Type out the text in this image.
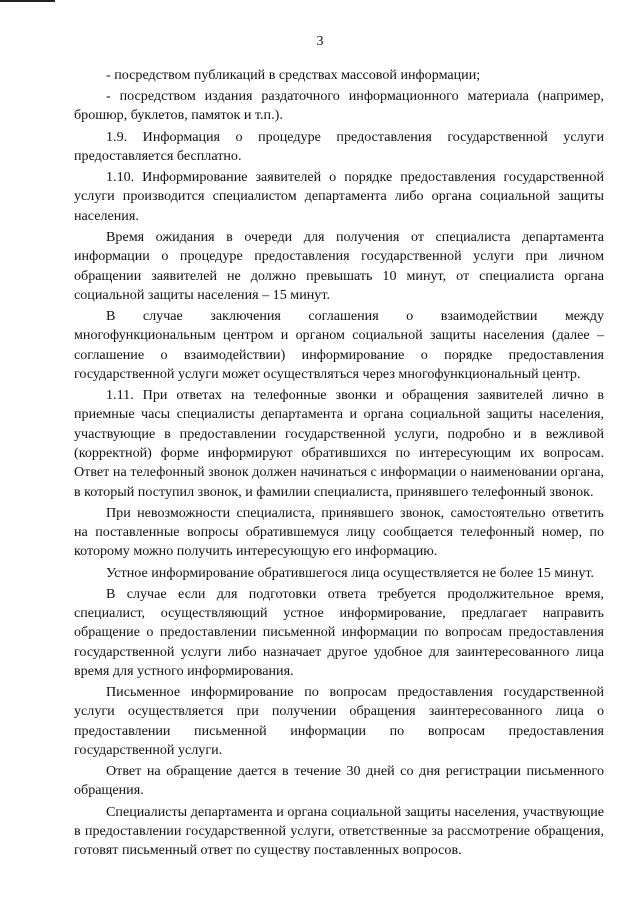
3

- посредством публикаций в средствах массовой информации;

- посредством издания раздаточного информационного материала (например, брошюр, буклетов, памяток и т.п.).

1.9. Информация о процедуре предоставления государственной услуги предоставляется бесплатно.

1.10. Информирование заявителей о порядке предоставления государственной услуги производится специалистом департамента либо органа социальной защиты населения.

Время ожидания в очереди для получения от специалиста департамента информации о процедуре предоставления государственной услуги при личном обращении заявителей не должно превышать 10 минут, от специалиста органа социальной защиты населения – 15 минут.

В случае заключения соглашения о взаимодействии между многофункциональным центром и органом социальной защиты населения (далее – соглашение о взаимодействии) информирование о порядке предоставления государственной услуги может осуществляться через многофункциональный центр.

1.11. При ответах на телефонные звонки и обращения заявителей лично в приемные часы специалисты департамента и органа социальной защиты населения, участвующие в предоставлении государственной услуги, подробно и в вежливой (корректной) форме информируют обратившихся по интересующим их вопросам. Ответ на телефонный звонок должен начинаться с информации о наименовании органа, в который поступил звонок, и фамилии специалиста, принявшего телефонный звонок.

При невозможности специалиста, принявшего звонок, самостоятельно ответить на поставленные вопросы обратившемуся лицу сообщается телефонный номер, по которому можно получить интересующую его информацию.

Устное информирование обратившегося лица осуществляется не более 15 минут.

В случае если для подготовки ответа требуется продолжительное время, специалист, осуществляющий устное информирование, предлагает направить обращение о предоставлении письменной информации по вопросам предоставления государственной услуги либо назначает другое удобное для заинтересованного лица время для устного информирования.

Письменное информирование по вопросам предоставления государственной услуги осуществляется при получении обращения заинтересованного лица о предоставлении письменной информации по вопросам предоставления государственной услуги.

Ответ на обращение дается в течение 30 дней со дня регистрации письменного обращения.

Специалисты департамента и органа социальной защиты населения, участвующие в предоставлении государственной услуги, ответственные за рассмотрение обращения, готовят письменный ответ по существу поставленных вопросов.
